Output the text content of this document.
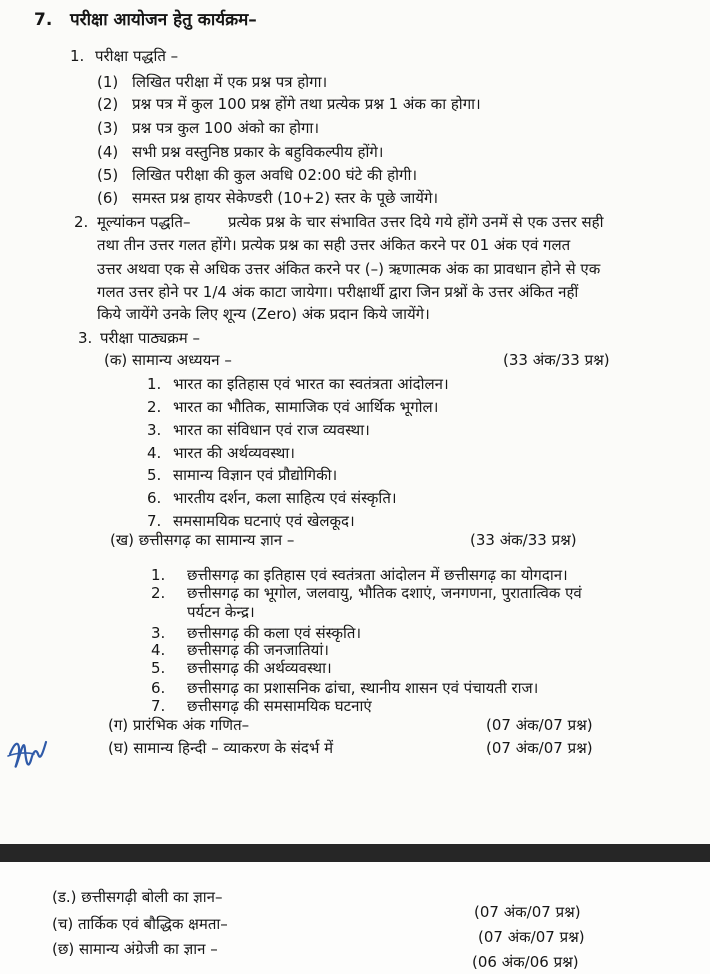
7. परीक्षा आयोजन हेतु कार्यक्रम–
1. परीक्षा पद्धति –
(1) लिखित परीक्षा में एक प्रश्न पत्र होगा।
(2) प्रश्न पत्र में कुल 100 प्रश्न होंगे तथा प्रत्येक प्रश्न 1 अंक का होगा।
(3) प्रश्न पत्र कुल 100 अंको का होगा।
(4) सभी प्रश्न वस्तुनिष्ठ प्रकार के बहुविकल्पीय होंगे।
(5) लिखित परीक्षा की कुल अवधि 02:00 घंटे की होगी।
(6) समस्त प्रश्न हायर सेकेण्डरी (10+2) स्तर के पूछे जायेंगे।
2. मूल्यांकन पद्धति–	प्रत्येक प्रश्न के चार संभावित उत्तर दिये गये होंगे उनमें से एक उत्तर सही
तथा तीन उत्तर गलत होंगे। प्रत्येक प्रश्न का सही उत्तर अंकित करने पर 01 अंक एवं गलत
उत्तर अथवा एक से अधिक उत्तर अंकित करने पर (–) ऋणात्मक अंक का प्रावधान होने से एक
गलत उत्तर होने पर 1/4 अंक काटा जायेगा। परीक्षार्थी द्वारा जिन प्रश्नों के उत्तर अंकित नहीं
किये जायेंगे उनके लिए शून्य (Zero) अंक प्रदान किये जायेंगे।
3. परीक्षा पाठ्यक्रम –
(क) सामान्य अध्ययन –	(33 अंक/33 प्रश्न)
1. भारत का इतिहास एवं भारत का स्वतंत्रता आंदोलन।
2. भारत का भौतिक, सामाजिक एवं आर्थिक भूगोल।
3. भारत का संविधान एवं राज व्यवस्था।
4. भारत की अर्थव्यवस्था।
5. सामान्य विज्ञान एवं प्रौद्योगिकी।
6. भारतीय दर्शन, कला साहित्य एवं संस्कृति।
7. समसामयिक घटनाएं एवं खेलकूद।
(ख) छत्तीसगढ़ का सामान्य ज्ञान –	(33 अंक/33 प्रश्न)
1. छत्तीसगढ़ का इतिहास एवं स्वतंत्रता आंदोलन में छत्तीसगढ़ का योगदान।
2. छत्तीसगढ़ का भूगोल, जलवायु, भौतिक दशाएं, जनगणना, पुरातात्विक एवं
पर्यटन केन्द्र।
3. छत्तीसगढ़ की कला एवं संस्कृति।
4. छत्तीसगढ़ की जनजातियां।
5. छत्तीसगढ़ की अर्थव्यवस्था।
6. छत्तीसगढ़ का प्रशासनिक ढांचा, स्थानीय शासन एवं पंचायती राज।
7. छत्तीसगढ़ की समसामयिक घटनाएं
(ग) प्रारंभिक अंक गणित–	(07 अंक/07 प्रश्न)
(घ) सामान्य हिन्दी – व्याकरण के संदर्भ में	(07 अंक/07 प्रश्न)
(ड.) छत्तीसगढ़ी बोली का ज्ञान–
(07 अंक/07 प्रश्न)
(च) तार्किक एवं बौद्धिक क्षमता–
(07 अंक/07 प्रश्न)
(छ) सामान्य अंग्रेजी का ज्ञान –
(06 अंक/06 प्रश्न)
